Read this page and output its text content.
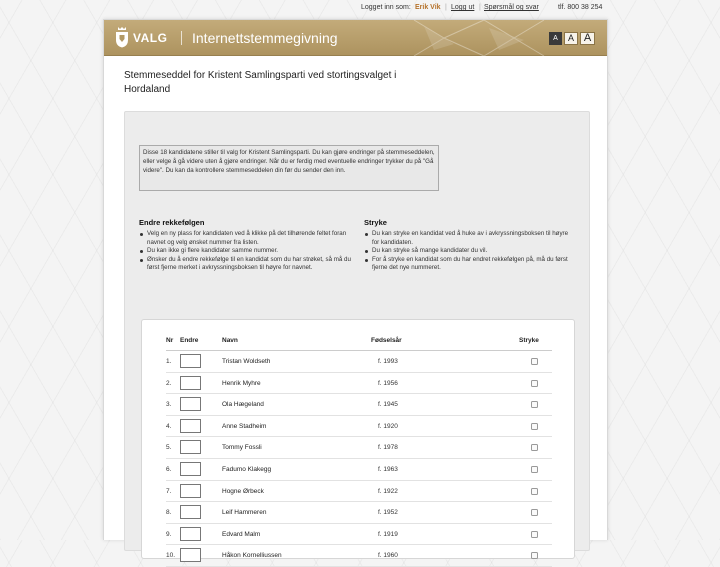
Logget inn som: Erik Vik | Logg ut | Spørsmål og svar	tlf. 800 38 254
VALG Internettstemmegivning	A	A A
Stemmeseddel for Kristent Samlingsparti ved stortingsvalget i Hordaland
Disse 18 kandidatene stiller til valg for Kristent Samlingsparti. Du kan gjøre endringer på stemmeseddelen, eller velge å gå videre uten å gjøre endringer. Når du er ferdig med eventuelle endringer trykker du på "Gå videre". Du kan da kontrollere stemmeseddelen din før du sender den inn.
Endre rekkefølgen
Velg en ny plass for kandidaten ved å klikke på det tilhørende feltet foran navnet og velg ønsket nummer fra listen.
Du kan ikke gi flere kandidater samme nummer.
Ønsker du å endre rekkefølge til en kandidat som du har strøket, så må du først fjerne merket i avkryssningsboksen til høyre for navnet.
Stryke
Du kan stryke en kandidat ved å huke av i avkryssningsboksen til høyre for kandidaten.
Du kan stryke så mange kandidater du vil.
For å stryke en kandidat som du har endret rekkefølgen på, må du først fjerne det nye nummeret.
Nr Endre	Navn	Fødselsår	Stryke
1.	Tristan Woldseth	f. 1993
2.	Henrik Myhre	f. 1956
3.	Ola Hægeland	f. 1945
4.	Anne Stadheim	f. 1920
5.	Tommy Fossli	f. 1978
6.	Fadumo Klakegg	f. 1963
7.	Hogne Ørbeck	f. 1922
8.	Leif Hammeren	f. 1952
9.	Edvard Malm	f. 1919
10.	Håkon Kornelliussen	f. 1960
